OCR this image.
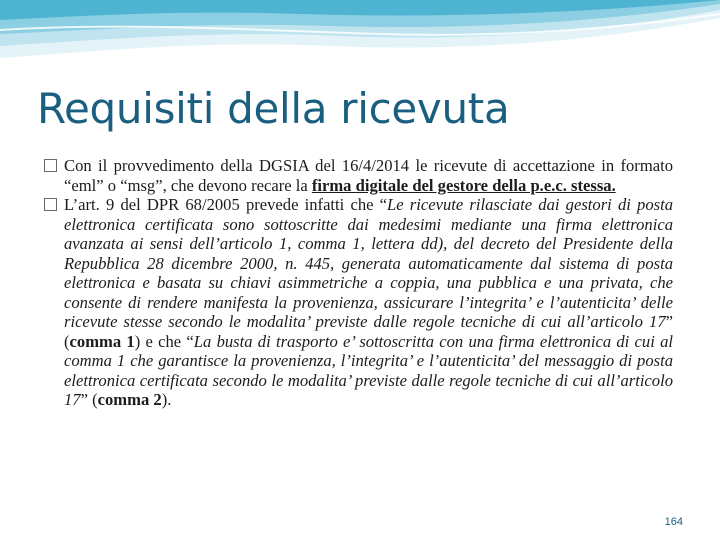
Requisiti della ricevuta

Con il provvedimento della DGSIA del 16/4/2014 le ricevute di accettazione in formato “eml” o “msg”, che devono recare la firma digitale del gestore della p.e.c. stessa.

L’art. 9 del DPR 68/2005 prevede infatti che “Le ricevute rilasciate dai gestori di posta elettronica certificata sono sottoscritte dai medesimi mediante una firma elettronica avanzata ai sensi dell’articolo 1, comma 1, lettera dd), del decreto del Presidente della Repubblica 28 dicembre 2000, n. 445, generata automaticamente dal sistema di posta elettronica e basata su chiavi asimmetriche a coppia, una pubblica e una privata, che consente di rendere manifesta la provenienza, assicurare l’integrita’ e l’autenticita’ delle ricevute stesse secondo le modalita’ previste dalle regole tecniche di cui all’articolo 17” (comma 1) e che “La busta di trasporto e’ sottoscritta con una firma elettronica di cui al comma 1 che garantisce la provenienza, l’integrita’ e l’autenticita’ del messaggio di posta elettronica certificata secondo le modalita’ previste dalle regole tecniche di cui all’articolo 17” (comma 2).

164
